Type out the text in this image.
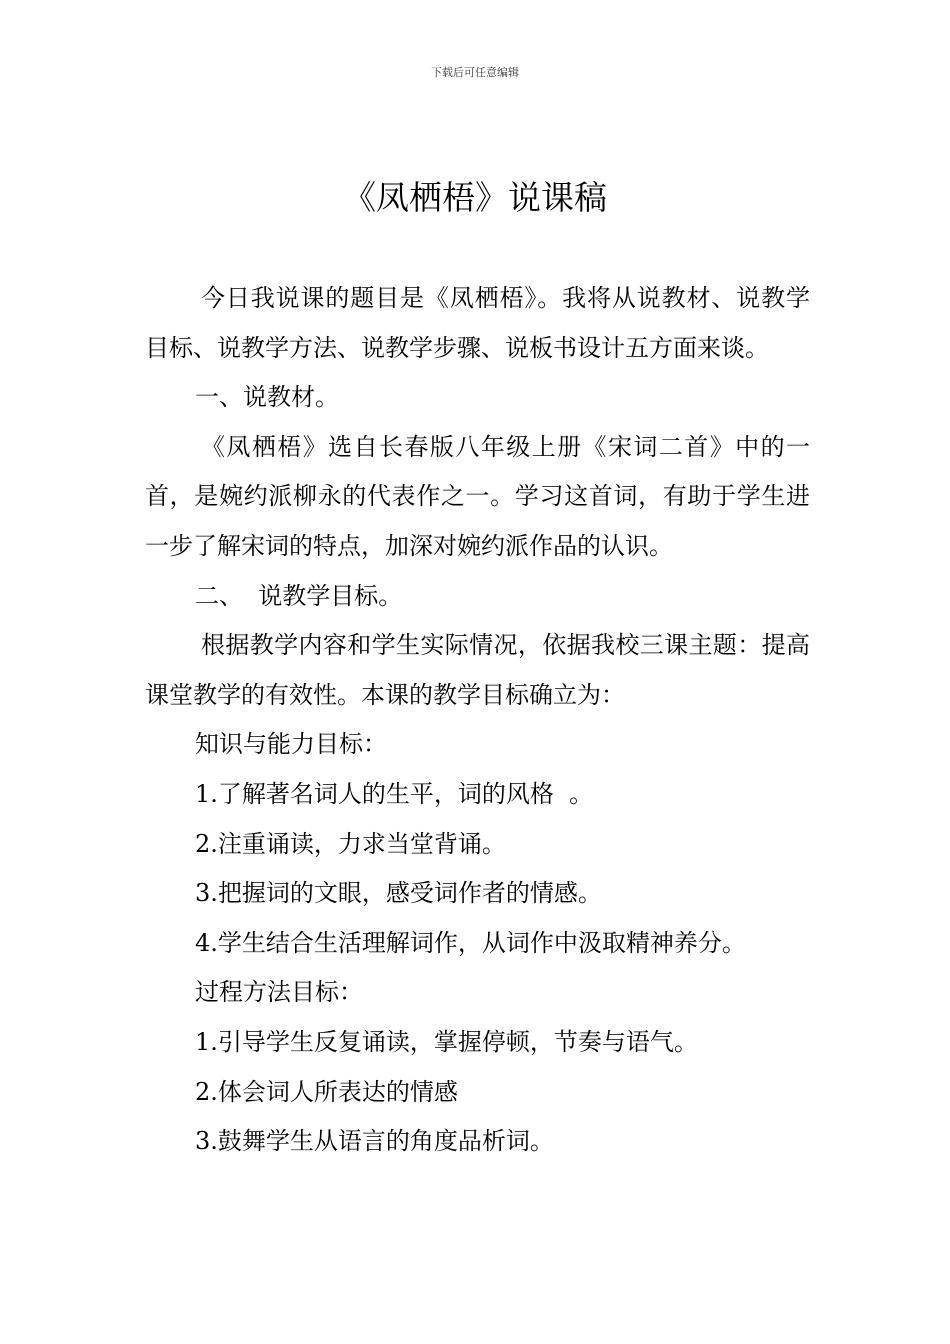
下载后可任意编辑
《凤栖梧》说课稿

今日我说课的题目是《凤栖梧》。我将从说教材、说教学目标、说教学方法、说教学步骤、说板书设计五方面来谈。

一、说教材。

《凤栖梧》选自长春版八年级上册《宋词二首》中的一首，是婉约派柳永的代表作之一。学习这首词，有助于学生进一步了解宋词的特点，加深对婉约派作品的认识。

二、  说教学目标。

根据教学内容和学生实际情况，依据我校三课主题：提高课堂教学的有效性。本课的教学目标确立为：

知识与能力目标：

1.了解著名词人的生平，词的风格  。

2.注重诵读，力求当堂背诵。

3.把握词的文眼，感受词作者的情感。

4.学生结合生活理解词作，从词作中汲取精神养分。

过程方法目标：

1.引导学生反复诵读，掌握停顿，节奏与语气。

2.体会词人所表达的情感

3.鼓舞学生从语言的角度品析词。
